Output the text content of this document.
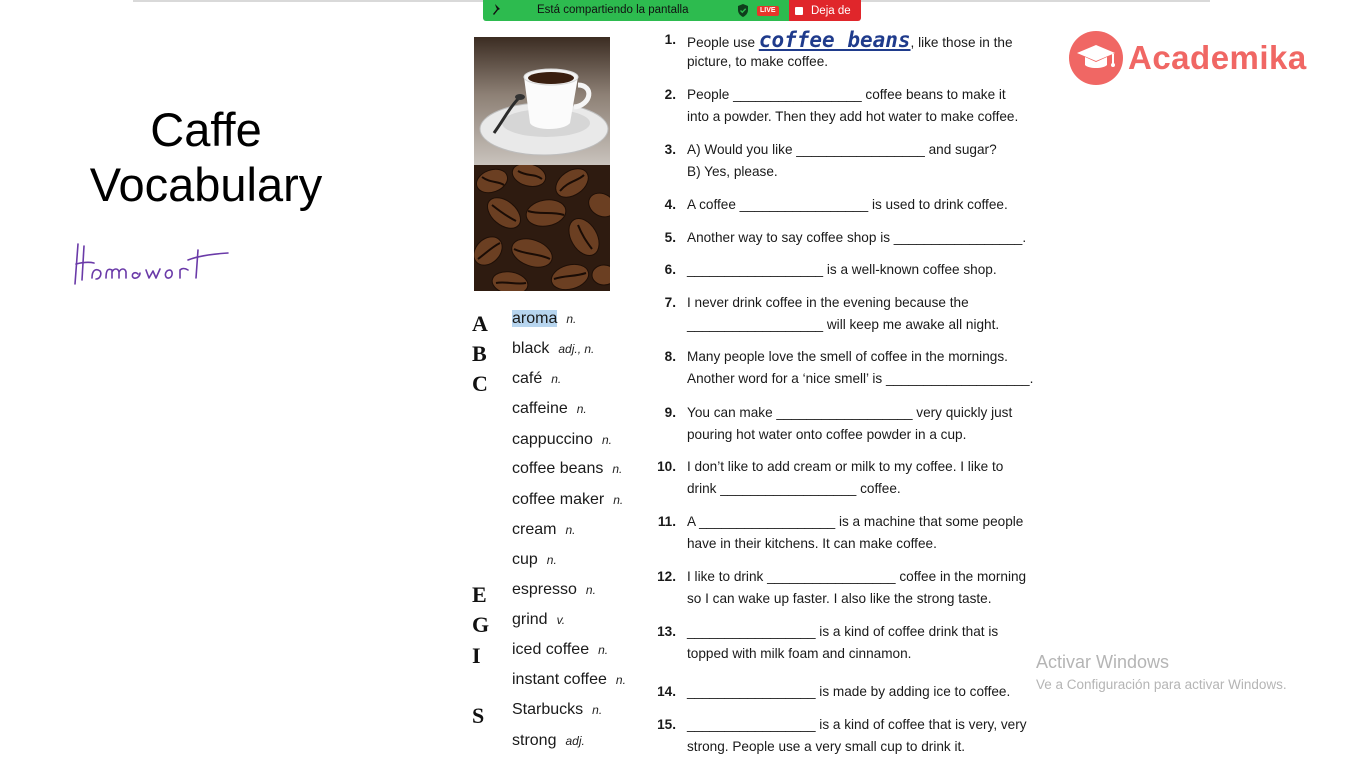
Está compartiendo la pantalla	LIVE	Deja de
Caffe
Vocabulary
A
B
C
E
G
I
S
aroma n.
black adj., n.
café n.
caffeine n.
cappuccino n.
coffee beans n.
coffee maker n.
cream n.
cup n.
espresso n.
grind v.
iced coffee n.
instant coffee n.
Starbucks n.
strong adj.
1. People use coffee beans, like those in the
picture, to make coffee.
2. People _________________ coffee beans to make it
into a powder. Then they add hot water to make coffee.
3. A) Would you like _________________ and sugar?
B) Yes, please.
4. A coffee _________________ is used to drink coffee.
5. Another way to say coffee shop is _________________.
6. __________________ is a well-known coffee shop.
7. I never drink coffee in the evening because the
__________________ will keep me awake all night.
8. Many people love the smell of coffee in the mornings.
Another word for a ‘nice smell’ is ___________________.
9. You can make __________________ very quickly just
pouring hot water onto coffee powder in a cup.
10. I don’t like to add cream or milk to my coffee. I like to
drink __________________ coffee.
11. A __________________ is a machine that some people
have in their kitchens. It can make coffee.
12. I like to drink _________________ coffee in the morning
so I can wake up faster. I also like the strong taste.
13. _________________ is a kind of coffee drink that is
topped with milk foam and cinnamon.
14. _________________ is made by adding ice to coffee.
15. _________________ is a kind of coffee that is very, very
strong. People use a very small cup to drink it.
Academika
Activar Windows
Ve a Configuración para activar Windows.
